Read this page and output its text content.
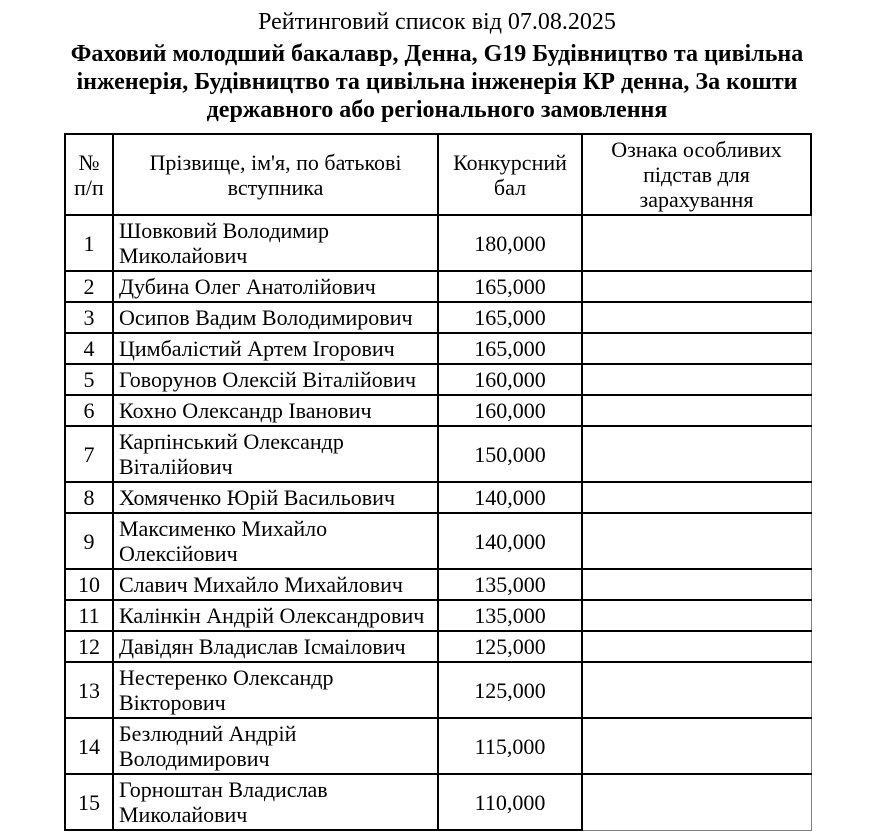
Рейтинговий список від 07.08.2025
Фаховий молодший бакалавр, Денна, G19 Будівництво та цивільна інженерія, Будівництво та цивільна інженерія КР денна, За кошти державного або регіонального замовлення
№ п/п	Прізвище, ім'я, по батькові вступника	Конкурсний бал	Ознака особливих підстав для зарахування
1	Шовковий Володимир Миколайович	180,000	
2	Дубина Олег Анатолійович	165,000	
3	Осипов Вадим Володимирович	165,000	
4	Цимбалістий Артем Ігорович	165,000	
5	Говорунов Олексій Віталійович	160,000	
6	Кохно Олександр Іванович	160,000	
7	Карпінський Олександр Віталійович	150,000	
8	Хомяченко Юрій Васильович	140,000	
9	Максименко Михайло Олексійович	140,000	
10	Славич Михайло Михайлович	135,000	
11	Калінкін Андрій Олександрович	135,000	
12	Давідян Владислав Ісмаілович	125,000	
13	Нестеренко Олександр Вікторович	125,000	
14	Безлюдний Андрій Володимирович	115,000	
15	Горноштан Владислав Миколайович	110,000	
